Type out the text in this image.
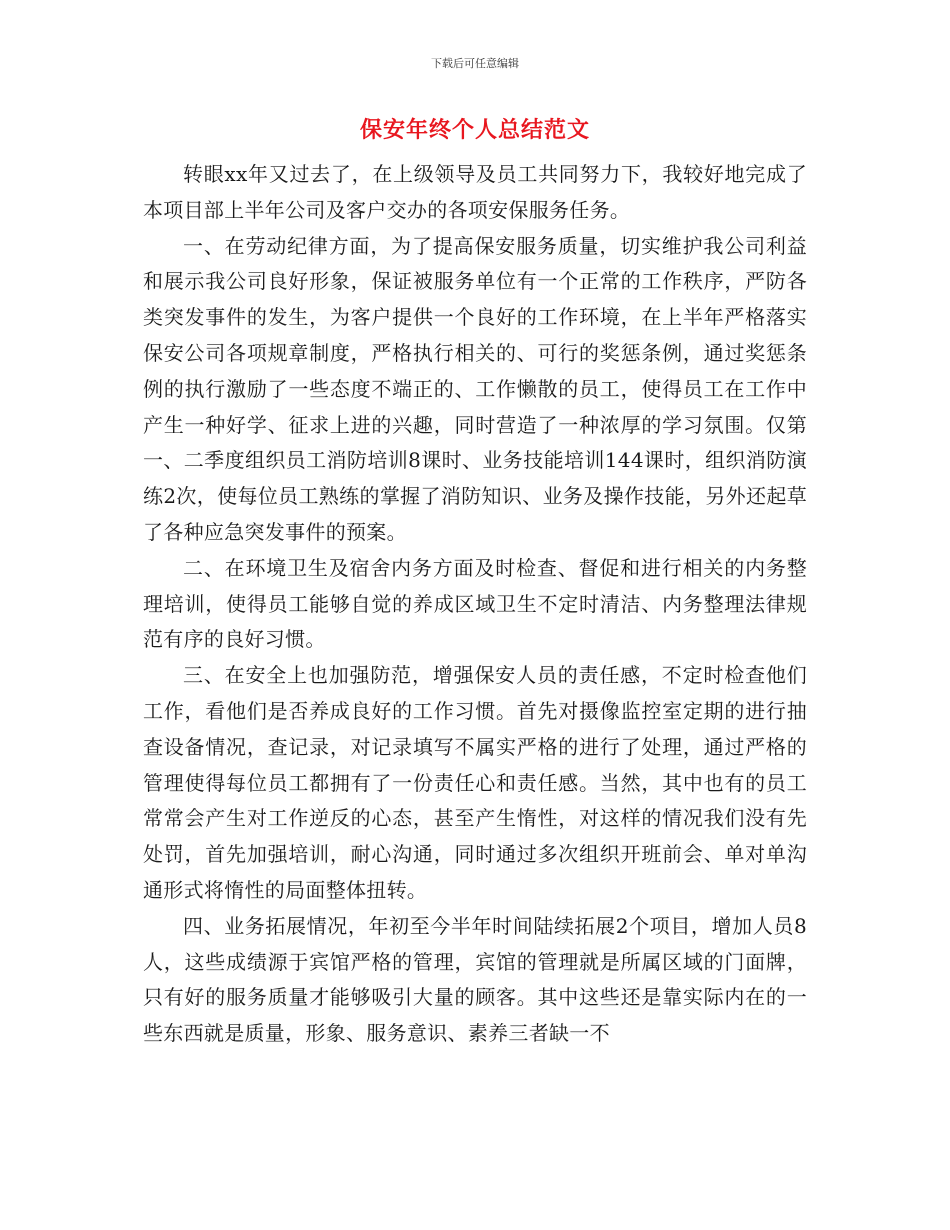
下载后可任意编辑
保安年终个人总结范文

转眼xx年又过去了，在上级领导及员工共同努力下，我较好地完成了本项目部上半年公司及客户交办的各项安保服务任务。

一、在劳动纪律方面，为了提高保安服务质量，切实维护我公司利益和展示我公司良好形象，保证被服务单位有一个正常的工作秩序，严防各类突发事件的发生，为客户提供一个良好的工作环境，在上半年严格落实保安公司各项规章制度，严格执行相关的、可行的奖惩条例，通过奖惩条例的执行激励了一些态度不端正的、工作懒散的员工，使得员工在工作中产生一种好学、征求上进的兴趣，同时营造了一种浓厚的学习氛围。仅第一、二季度组织员工消防培训8课时、业务技能培训144课时，组织消防演练2次，使每位员工熟练的掌握了消防知识、业务及操作技能，另外还起草了各种应急突发事件的预案。

二、在环境卫生及宿舍内务方面及时检查、督促和进行相关的内务整理培训，使得员工能够自觉的养成区域卫生不定时清洁、内务整理法律规范有序的良好习惯。

三、在安全上也加强防范，增强保安人员的责任感，不定时检查他们工作，看他们是否养成良好的工作习惯。首先对摄像监控室定期的进行抽查设备情况，查记录，对记录填写不属实严格的进行了处理，通过严格的管理使得每位员工都拥有了一份责任心和责任感。当然，其中也有的员工常常会产生对工作逆反的心态，甚至产生惰性，对这样的情况我们没有先处罚，首先加强培训，耐心沟通，同时通过多次组织开班前会、单对单沟通形式将惰性的局面整体扭转。

四、业务拓展情况，年初至今半年时间陆续拓展2个项目，增加人员8人，这些成绩源于宾馆严格的管理，宾馆的管理就是所属区域的门面牌，只有好的服务质量才能够吸引大量的顾客。其中这些还是靠实际内在的一些东西就是质量，形象、服务意识、素养三者缺一不
